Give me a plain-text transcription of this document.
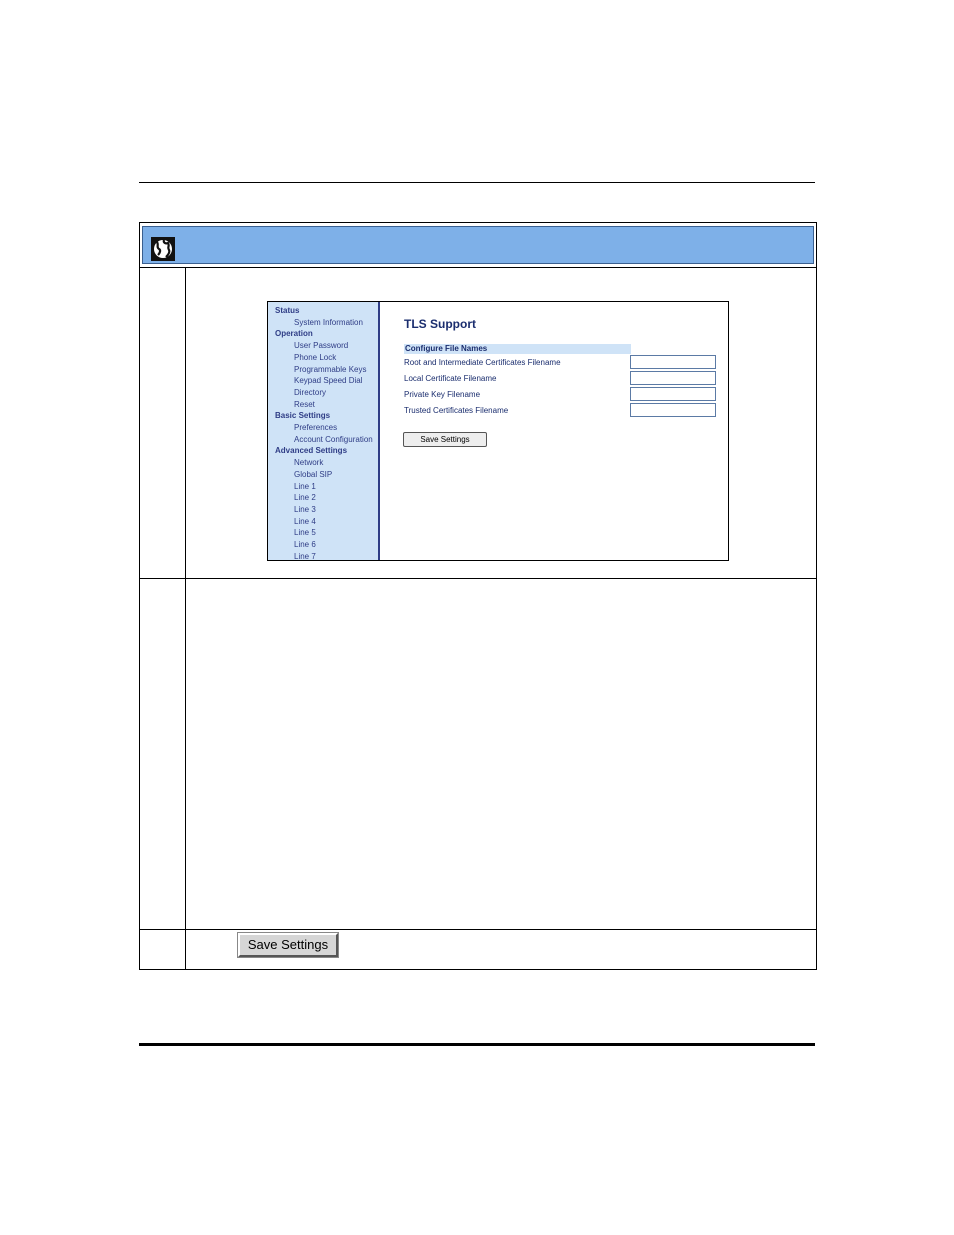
Status
System Information
Operation
User Password
Phone Lock
Programmable Keys
Keypad Speed Dial
Directory
Reset
Basic Settings
Preferences
Account Configuration
Advanced Settings
Network
Global SIP
Line 1
Line 2
Line 3
Line 4
Line 5
Line 6
Line 7
TLS Support
Configure File Names
Root and Intermediate Certificates Filename
Local Certificate Filename
Private Key Filename
Trusted Certificates Filename
Save Settings
Save Settings
